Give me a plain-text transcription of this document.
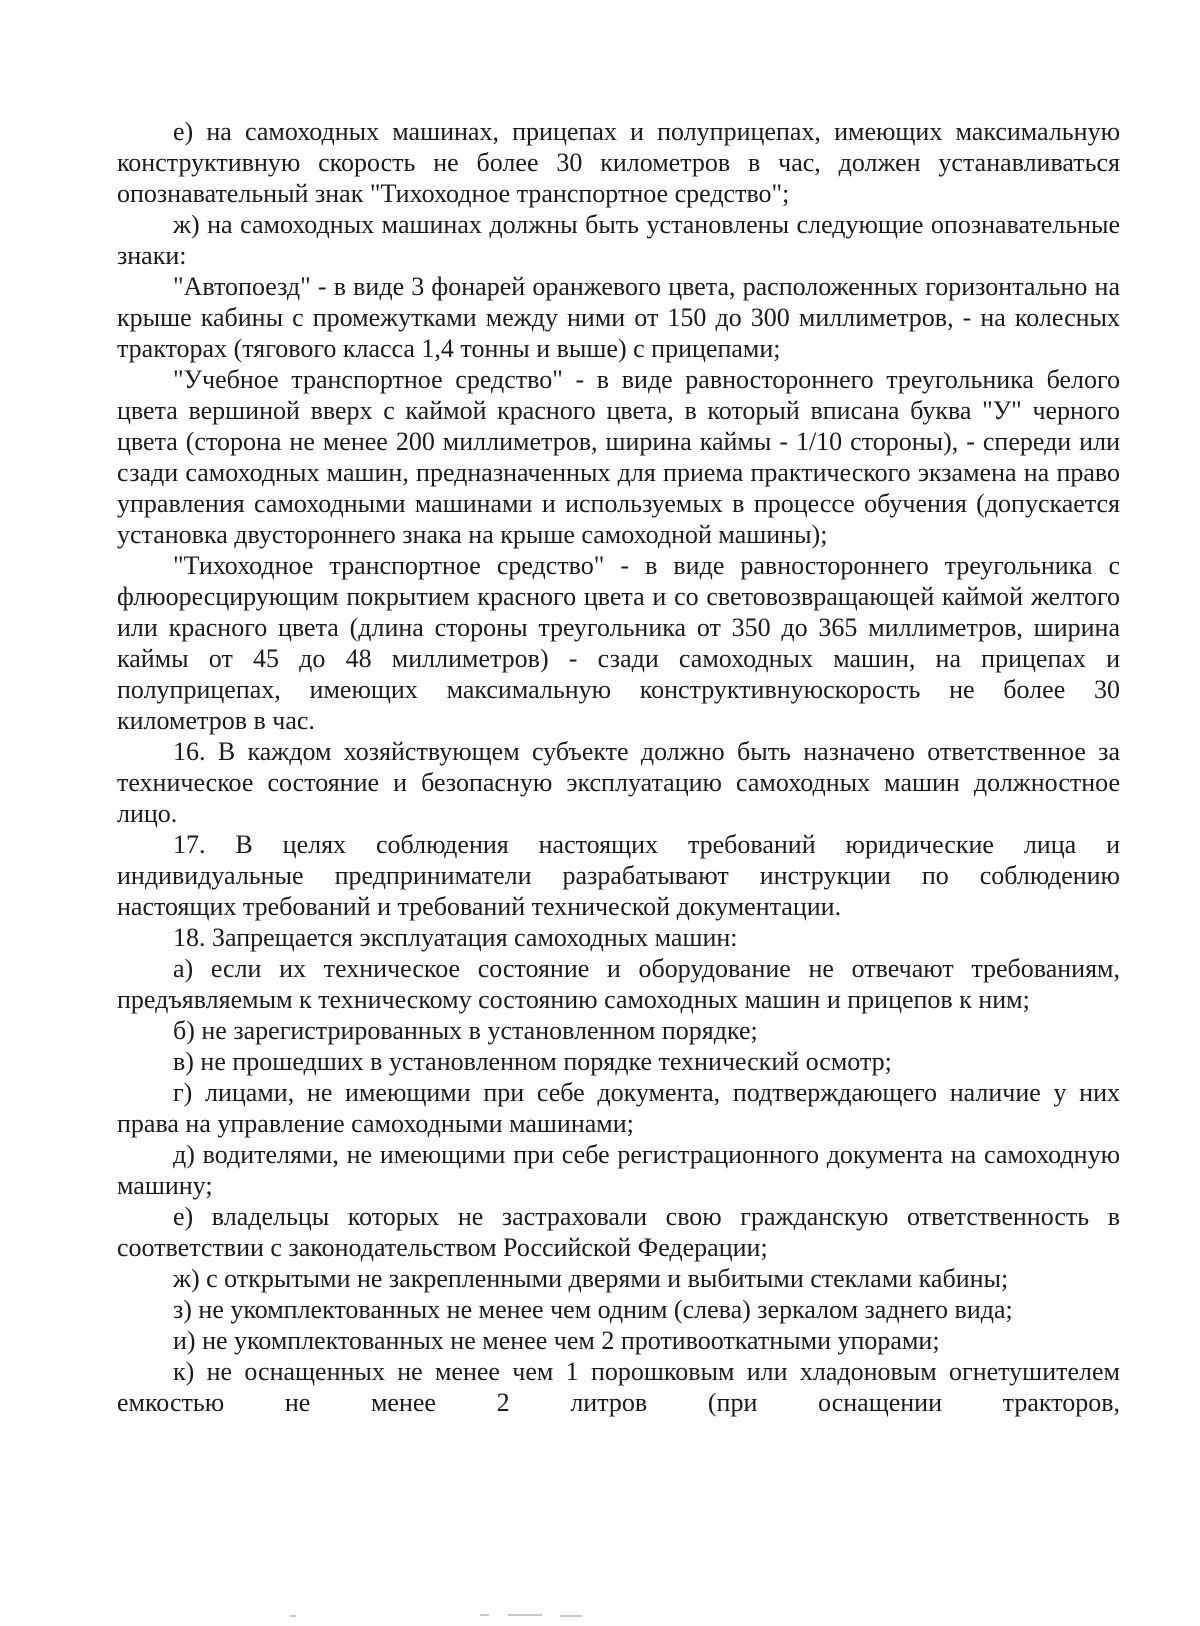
е) на самоходных машинах, прицепах и полуприцепах, имеющих максимальную конструктивную скорость не более 30 километров в час, должен устанавливаться опознавательный знак "Тихоходное транспортное средство";

ж) на самоходных машинах должны быть установлены следующие опознавательные знаки:

"Автопоезд" - в виде 3 фонарей оранжевого цвета, расположенных горизонтально на крыше кабины с промежутками между ними от 150 до 300 миллиметров, - на колесных тракторах (тягового класса 1,4 тонны и выше) с прицепами;

"Учебное транспортное средство" - в виде равностороннего треугольника белого цвета вершиной вверх с каймой красного цвета, в который вписана буква "У" черного цвета (сторона не менее 200 миллиметров, ширина каймы - 1/10 стороны), - спереди или сзади самоходных машин, предназначенных для приема практического экзамена на право управления самоходными машинами и используемых в процессе обучения (допускается установка двустороннего знака на крыше самоходной машины);

"Тихоходное транспортное средство" - в виде равностороннего треугольника с флюоресцирующим покрытием красного цвета и со световозвращающей каймой желтого или красного цвета (длина стороны треугольника от 350 до 365 миллиметров, ширина каймы от 45 до 48 миллиметров) - сзади самоходных машин, на прицепах и полуприцепах, имеющих максимальную конструктивнуюскорость не более 30 километров в час.

16. В каждом хозяйствующем субъекте должно быть назначено ответственное за техническое состояние и безопасную эксплуатацию самоходных машин должностное лицо.

17. В целях соблюдения настоящих требований юридические лица и индивидуальные предприниматели разрабатывают инструкции по соблюдению настоящих требований и требований технической документации.

18. Запрещается эксплуатация самоходных машин:

а) если их техническое состояние и оборудование не отвечают требованиям, предъявляемым к техническому состоянию самоходных машин и прицепов к ним;

б) не зарегистрированных в установленном порядке;

в) не прошедших в установленном порядке технический осмотр;

г) лицами, не имеющими при себе документа, подтверждающего наличие у них права на управление самоходными машинами;

д) водителями, не имеющими при себе регистрационного документа на самоходную машину;

е) владельцы которых не застраховали свою гражданскую ответственность в соответствии с законодательством Российской Федерации;

ж) с открытыми не закрепленными дверями и выбитыми стеклами кабины;

з) не укомплектованных не менее чем одним (слева) зеркалом заднего вида;

и) не укомплектованных не менее чем 2 противооткатными упорами;

к) не оснащенных не менее чем 1 порошковым или хладоновым огнетушителем емкостью не менее 2 литров (при оснащении тракторов,
